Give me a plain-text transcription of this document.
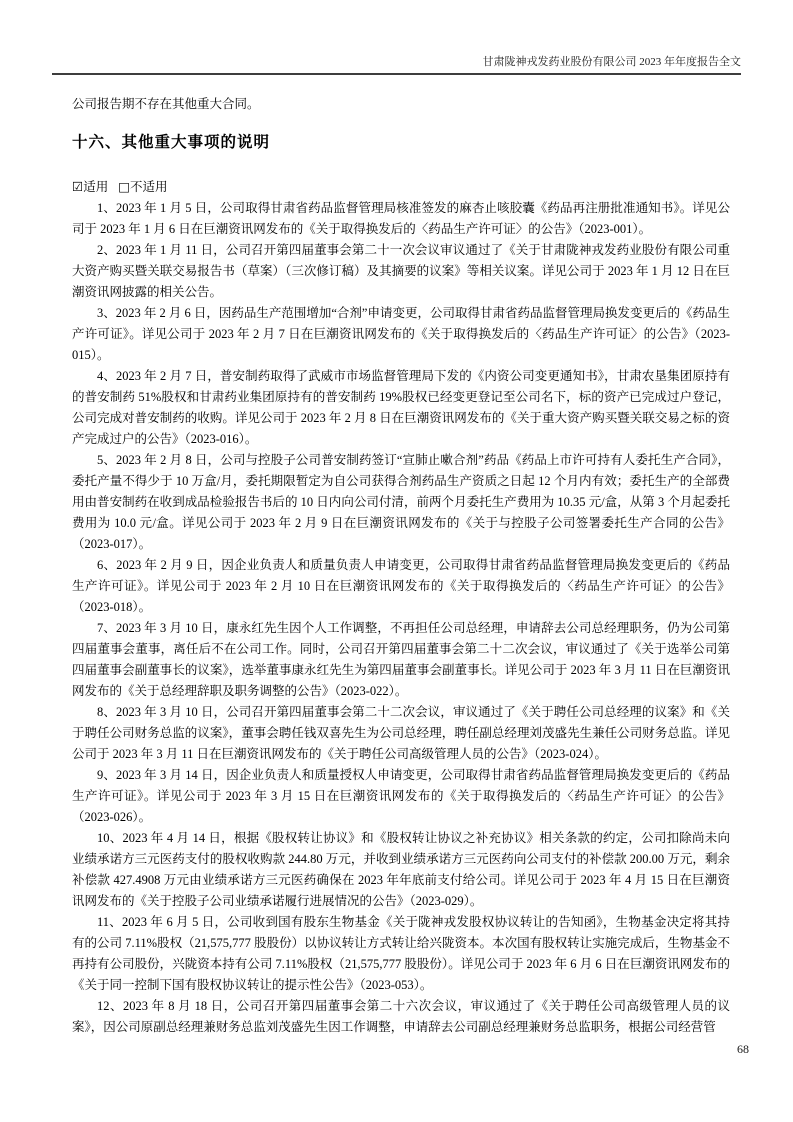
甘肃陇神戎发药业股份有限公司 2023 年年度报告全文

公司报告期不存在其他重大合同。

十六、其他重大事项的说明
☑适用 □不适用

1、2023 年 1 月 5 日，公司取得甘肃省药品监督管理局核准签发的麻杏止咳胶囊《药品再注册批准通知书》。详见公司于 2023 年 1 月 6 日在巨潮资讯网发布的《关于取得换发后的〈药品生产许可证〉的公告》（2023-001）。

2、2023 年 1 月 11 日，公司召开第四届董事会第二十一次会议审议通过了《关于甘肃陇神戎发药业股份有限公司重大资产购买暨关联交易报告书（草案）（三次修订稿）及其摘要的议案》等相关议案。详见公司于 2023 年 1 月 12 日在巨潮资讯网披露的相关公告。

3、2023 年 2 月 6 日，因药品生产范围增加“合剂”申请变更，公司取得甘肃省药品监督管理局换发变更后的《药品生产许可证》。详见公司于 2023 年 2 月 7 日在巨潮资讯网发布的《关于取得换发后的〈药品生产许可证〉的公告》（2023-015）。

4、2023 年 2 月 7 日，普安制药取得了武威市市场监督管理局下发的《内资公司变更通知书》，甘肃农垦集团原持有的普安制药 51%股权和甘肃药业集团原持有的普安制药 19%股权已经变更登记至公司名下，标的资产已完成过户登记，公司完成对普安制药的收购。详见公司于 2023 年 2 月 8 日在巨潮资讯网发布的《关于重大资产购买暨关联交易之标的资产完成过户的公告》（2023-016）。

5、2023 年 2 月 8 日，公司与控股子公司普安制药签订“宣肺止嗽合剂”药品《药品上市许可持有人委托生产合同》，委托产量不得少于 10 万盒/月，委托期限暂定为自公司获得合剂药品生产资质之日起 12 个月内有效；委托生产的全部费用由普安制药在收到成品检验报告书后的 10 日内向公司付清，前两个月委托生产费用为 10.35 元/盒，从第 3 个月起委托费用为 10.0 元/盒。详见公司于 2023 年 2 月 9 日在巨潮资讯网发布的《关于与控股子公司签署委托生产合同的公告》（2023-017）。

6、2023 年 2 月 9 日，因企业负责人和质量负责人申请变更，公司取得甘肃省药品监督管理局换发变更后的《药品生产许可证》。详见公司于 2023 年 2 月 10 日在巨潮资讯网发布的《关于取得换发后的〈药品生产许可证〉的公告》（2023-018）。

7、2023 年 3 月 10 日，康永红先生因个人工作调整，不再担任公司总经理，申请辞去公司总经理职务，仍为公司第四届董事会董事，离任后不在公司工作。同时，公司召开第四届董事会第二十二次会议，审议通过了《关于选举公司第四届董事会副董事长的议案》，选举董事康永红先生为第四届董事会副董事长。详见公司于 2023 年 3 月 11 日在巨潮资讯网发布的《关于总经理辞职及职务调整的公告》（2023-022）。

8、2023 年 3 月 10 日，公司召开第四届董事会第二十二次会议，审议通过了《关于聘任公司总经理的议案》和《关于聘任公司财务总监的议案》，董事会聘任钱双喜先生为公司总经理，聘任副总经理刘茂盛先生兼任公司财务总监。详见公司于 2023 年 3 月 11 日在巨潮资讯网发布的《关于聘任公司高级管理人员的公告》（2023-024）。

9、2023 年 3 月 14 日，因企业负责人和质量授权人申请变更，公司取得甘肃省药品监督管理局换发变更后的《药品生产许可证》。详见公司于 2023 年 3 月 15 日在巨潮资讯网发布的《关于取得换发后的〈药品生产许可证〉的公告》（2023-026）。

10、2023 年 4 月 14 日，根据《股权转让协议》和《股权转让协议之补充协议》相关条款的约定，公司扣除尚未向业绩承诺方三元医药支付的股权收购款 244.80 万元，并收到业绩承诺方三元医药向公司支付的补偿款 200.00 万元，剩余补偿款 427.4908 万元由业绩承诺方三元医药确保在 2023 年年底前支付给公司。详见公司于 2023 年 4 月 15 日在巨潮资讯网发布的《关于控股子公司业绩承诺履行进展情况的公告》（2023-029）。

11、2023 年 6 月 5 日，公司收到国有股东生物基金《关于陇神戎发股权协议转让的告知函》，生物基金决定将其持有的公司 7.11%股权（21,575,777 股股份）以协议转让方式转让给兴陇资本。本次国有股权转让实施完成后，生物基金不再持有公司股份，兴陇资本持有公司 7.11%股权（21,575,777 股股份）。详见公司于 2023 年 6 月 6 日在巨潮资讯网发布的《关于同一控制下国有股权协议转让的提示性公告》（2023-053）。

12、2023 年 8 月 18 日，公司召开第四届董事会第二十六次会议，审议通过了《关于聘任公司高级管理人员的议案》，因公司原副总经理兼财务总监刘茂盛先生因工作调整，申请辞去公司副总经理兼财务总监职务，根据公司经营管

68
